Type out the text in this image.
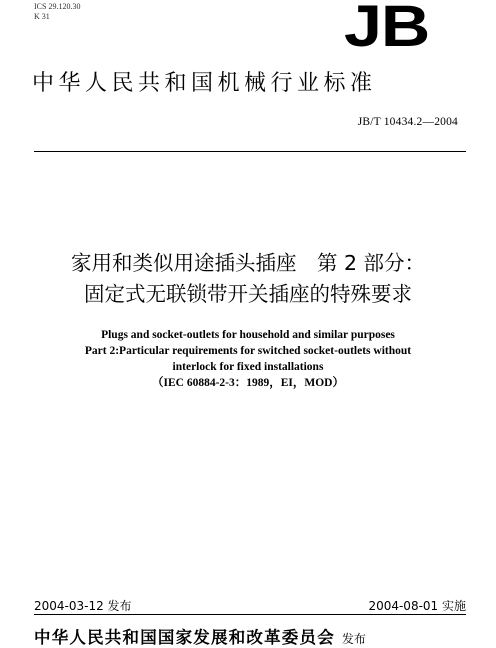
ICS 29.120.30
K 31	JB
中华人民共和国机械行业标准
JB/T 10434.2—2004
家用和类似用途插头插座　第 2 部分：
固定式无联锁带开关插座的特殊要求
Plugs and socket-outlets for household and similar purposes
Part 2:Particular requirements for switched socket-outlets without
interlock for fixed installations
（IEC 60884-2-3：1989，EI，MOD）
2004-03-12 发布	2004-08-01 实施
中华人民共和国国家发展和改革委员会 发布
